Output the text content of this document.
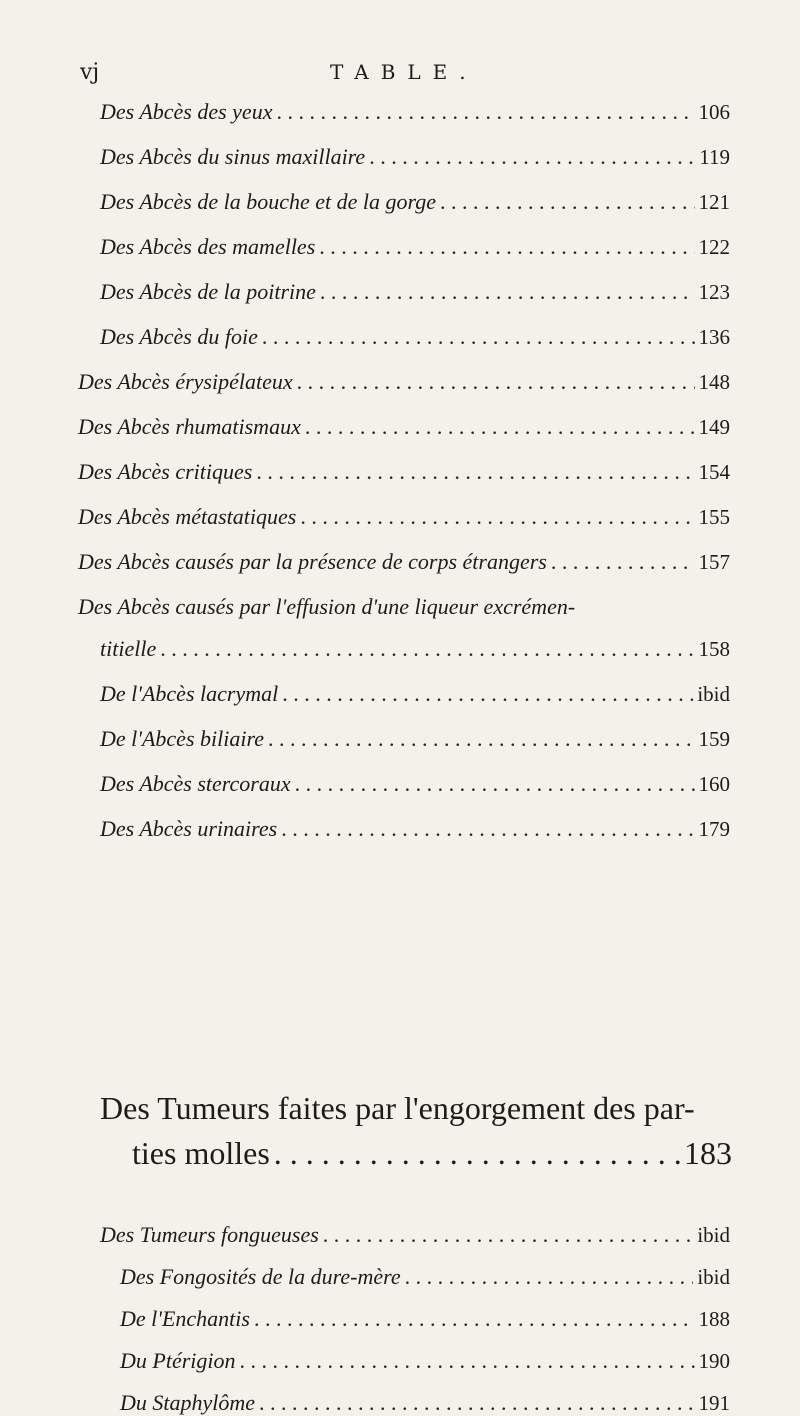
vj	TABLE.
Des Abcès des yeux . . .	106
Des Abcès du sinus maxillaire . . .	119
Des Abcès de la bouche et de la gorge . . .	121
Des Abcès des mamelles . . .	122
Des Abcès de la poitrine . . .	123
Des Abcès du foie . . .	136
Des Abcès érysipélateux . . .	148
Des Abcès rhumatismaux . . .	149
Des Abcès critiques . . .	154
Des Abcès métastatiques . . .	155
Des Abcès causés par la présence de corps étrangers . . .	157
Des Abcès causés par l'effusion d'une liqueur excrémen-
titielle . . .	158
De l'Abcès lacrymal . . .	ibid
De l'Abcès biliaire . . .	159
Des Abcès stercoraux . . .	160
Des Abcès urinaires . . .	179
Des Tumeurs faites par l'engorgement des par-
ties molles . . .	183
Des Tumeurs fongueuses . . .	ibid
Des Fongosités de la dure-mère . . .	ibid
De l'Enchantis . . .	188
Du Ptérigion . . .	190
Du Staphylôme . . .	191
